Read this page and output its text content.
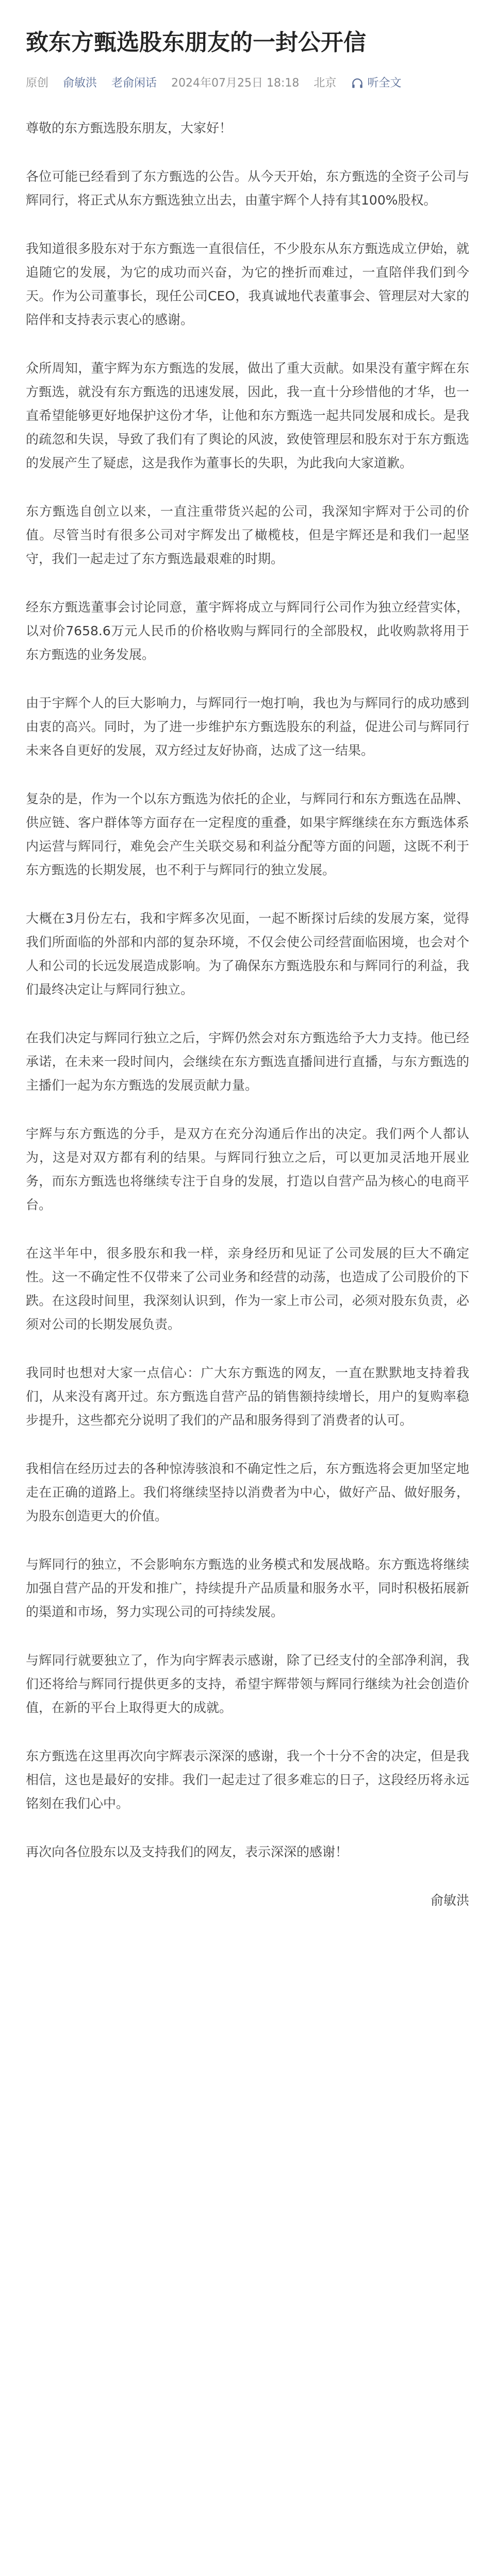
致东方甄选股东朋友的一封公开信
原创 俞敏洪 老俞闲话 2024年07月25日 18:18 北京	听全文

尊敬的东方甄选股东朋友，大家好！

各位可能已经看到了东方甄选的公告。从今天开始，东方甄选的全资子公司与辉同行，将正式从东方甄选独立出去，由董宇辉个人持有其100%股权。

我知道很多股东对于东方甄选一直很信任，不少股东从东方甄选成立伊始，就追随它的发展，为它的成功而兴奋，为它的挫折而难过，一直陪伴我们到今天。作为公司董事长，现任公司CEO，我真诚地代表董事会、管理层对大家的陪伴和支持表示衷心的感谢。

众所周知，董宇辉为东方甄选的发展，做出了重大贡献。如果没有董宇辉在东方甄选，就没有东方甄选的迅速发展，因此，我一直十分珍惜他的才华，也一直希望能够更好地保护这份才华，让他和东方甄选一起共同发展和成长。是我的疏忽和失误，导致了我们有了舆论的风波，致使管理层和股东对于东方甄选的发展产生了疑虑，这是我作为董事长的失职，为此我向大家道歉。

东方甄选自创立以来，一直注重带货兴起的公司，我深知宇辉对于公司的价值。尽管当时有很多公司对宇辉发出了橄榄枝，但是宇辉还是和我们一起坚守，我们一起走过了东方甄选最艰难的时期。

经东方甄选董事会讨论同意，董宇辉将成立与辉同行公司作为独立经营实体，以对价7658.6万元人民币的价格收购与辉同行的全部股权，此收购款将用于东方甄选的业务发展。

由于宇辉个人的巨大影响力，与辉同行一炮打响，我也为与辉同行的成功感到由衷的高兴。同时，为了进一步维护东方甄选股东的利益，促进公司与辉同行未来各自更好的发展，双方经过友好协商，达成了这一结果。

复杂的是，作为一个以东方甄选为依托的企业，与辉同行和东方甄选在品牌、供应链、客户群体等方面存在一定程度的重叠，如果宇辉继续在东方甄选体系内运营与辉同行，难免会产生关联交易和利益分配等方面的问题，这既不利于东方甄选的长期发展，也不利于与辉同行的独立发展。

大概在3月份左右，我和宇辉多次见面，一起不断探讨后续的发展方案，觉得我们所面临的外部和内部的复杂环境，不仅会使公司经营面临困境，也会对个人和公司的长远发展造成影响。为了确保东方甄选股东和与辉同行的利益，我们最终决定让与辉同行独立。

在我们决定与辉同行独立之后，宇辉仍然会对东方甄选给予大力支持。他已经承诺，在未来一段时间内，会继续在东方甄选直播间进行直播，与东方甄选的主播们一起为东方甄选的发展贡献力量。

宇辉与东方甄选的分手，是双方在充分沟通后作出的决定。我们两个人都认为，这是对双方都有利的结果。与辉同行独立之后，可以更加灵活地开展业务，而东方甄选也将继续专注于自身的发展，打造以自营产品为核心的电商平台。

在这半年中，很多股东和我一样，亲身经历和见证了公司发展的巨大不确定性。这一不确定性不仅带来了公司业务和经营的动荡，也造成了公司股价的下跌。在这段时间里，我深刻认识到，作为一家上市公司，必须对股东负责，必须对公司的长期发展负责。

我同时也想对大家一点信心：广大东方甄选的网友，一直在默默地支持着我们，从来没有离开过。东方甄选自营产品的销售额持续增长，用户的复购率稳步提升，这些都充分说明了我们的产品和服务得到了消费者的认可。

我相信在经历过去的各种惊涛骇浪和不确定性之后，东方甄选将会更加坚定地走在正确的道路上。我们将继续坚持以消费者为中心，做好产品、做好服务，为股东创造更大的价值。

与辉同行的独立，不会影响东方甄选的业务模式和发展战略。东方甄选将继续加强自营产品的开发和推广，持续提升产品质量和服务水平，同时积极拓展新的渠道和市场，努力实现公司的可持续发展。

与辉同行就要独立了，作为向宇辉表示感谢，除了已经支付的全部净利润，我们还将给与辉同行提供更多的支持，希望宇辉带领与辉同行继续为社会创造价值，在新的平台上取得更大的成就。

东方甄选在这里再次向宇辉表示深深的感谢，我一个十分不舍的决定，但是我相信，这也是最好的安排。我们一起走过了很多难忘的日子，这段经历将永远铭刻在我们心中。

再次向各位股东以及支持我们的网友，表示深深的感谢！

俞敏洪
